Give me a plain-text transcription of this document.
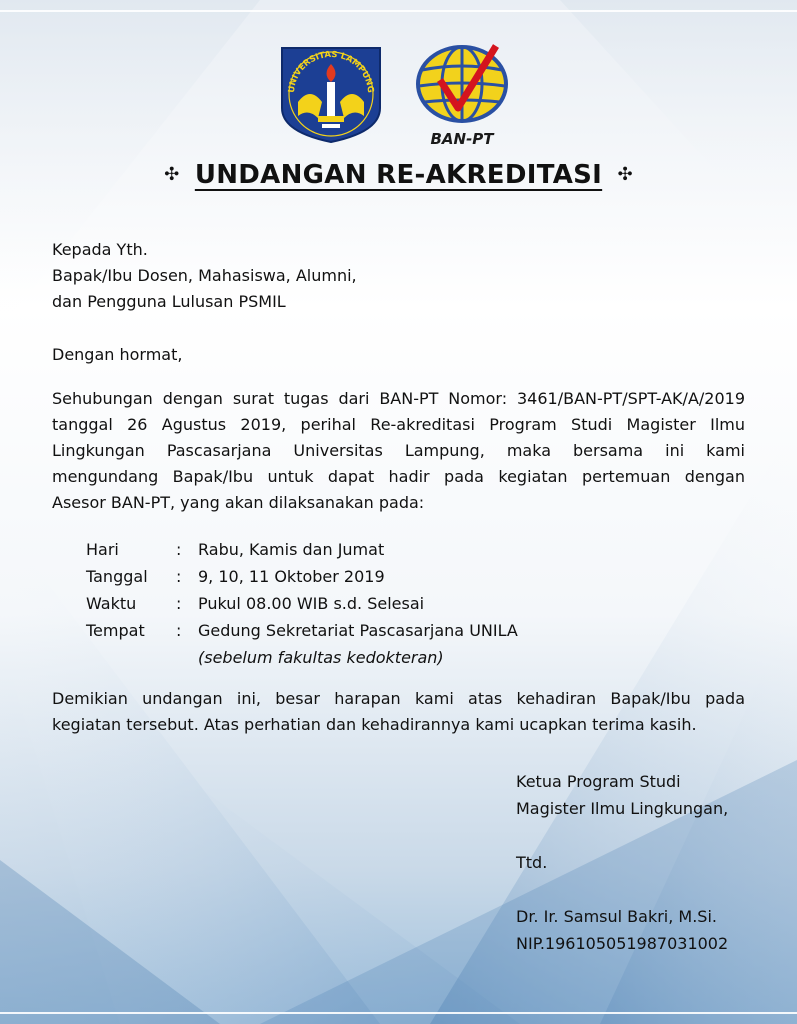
UNIVERSITAS LAMPUNG
BAN-PT
✣ UNDANGAN RE-AKREDITASI ✣
Kepada Yth.
Bapak/Ibu Dosen, Mahasiswa, Alumni,
dan Pengguna Lulusan PSMIL
Dengan hormat,
Sehubungan dengan surat tugas dari BAN-PT Nomor: 3461/BAN-PT/SPT-AK/A/2019
tanggal 26 Agustus 2019, perihal Re-akreditasi Program Studi Magister Ilmu
Lingkungan Pascasarjana Universitas Lampung, maka bersama ini kami
mengundang Bapak/Ibu untuk dapat hadir pada kegiatan pertemuan dengan
Asesor BAN-PT, yang akan dilaksanakan pada:
Hari	:	Rabu, Kamis dan Jumat
Tanggal	:	9, 10, 11 Oktober 2019
Waktu	:	Pukul 08.00 WIB s.d. Selesai
Tempat	:	Gedung Sekretariat Pascasarjana UNILA
(sebelum fakultas kedokteran)
Demikian undangan ini, besar harapan kami atas kehadiran Bapak/Ibu pada
kegiatan tersebut. Atas perhatian dan kehadirannya kami ucapkan terima kasih.
Ketua Program Studi
Magister Ilmu Lingkungan,
Ttd.
Dr. Ir. Samsul Bakri, M.Si.
NIP.196105051987031002
